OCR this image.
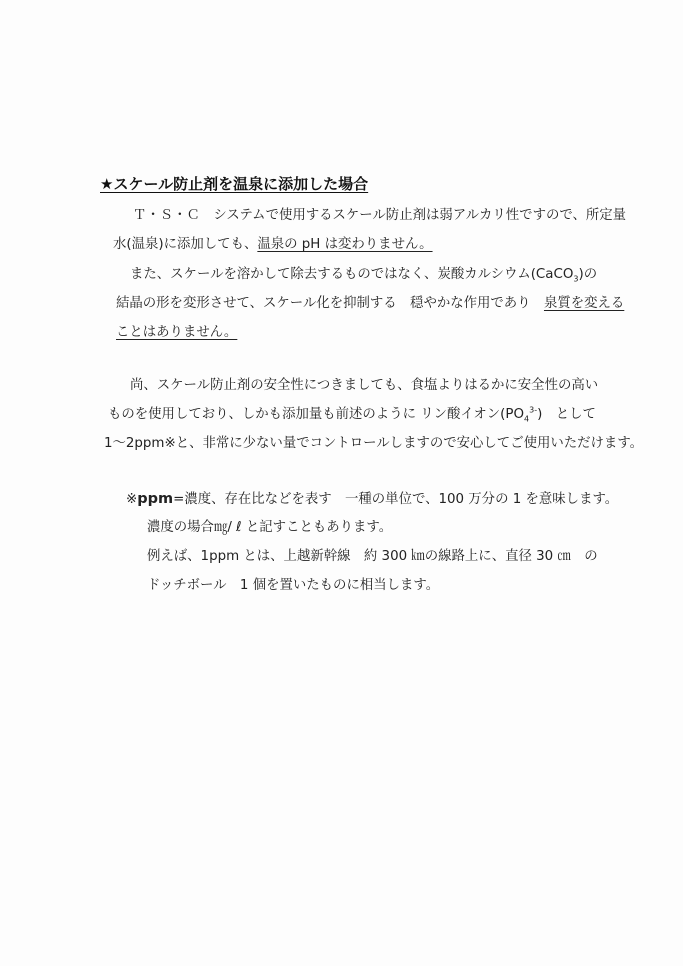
★スケール防止剤を温泉に添加した場合
Ｔ・Ｓ・Ｃ　システムで使用するスケール防止剤は弱アルカリ性ですので、所定量
水(温泉)に添加しても、温泉の pH は変わりません。
また、スケールを溶かして除去するものではなく、炭酸カルシウム(CaCO$_3$)の
結晶の形を変形させて、スケール化を抑制する　穏やかな作用であり　泉質を変える
ことはありません。
尚、スケール防止剤の安全性につきましても、食塩よりはるかに安全性の高い
ものを使用しており、しかも添加量も前述のように リン酸イオン$(PO_4^{3-})$　として
1～2ppm※と、非常に少ない量でコントロールしますので安心してご使用いただけます。
※ppm=濃度、存在比などを表す　一種の単位で、100 万分の 1 を意味します。
濃度の場合㎎/ ℓ と記すこともあります。
例えば、1ppm とは、上越新幹線　約 300 ㎞の線路上に、直径 30 ㎝　の
ドッチボール　1 個を置いたものに相当します。
